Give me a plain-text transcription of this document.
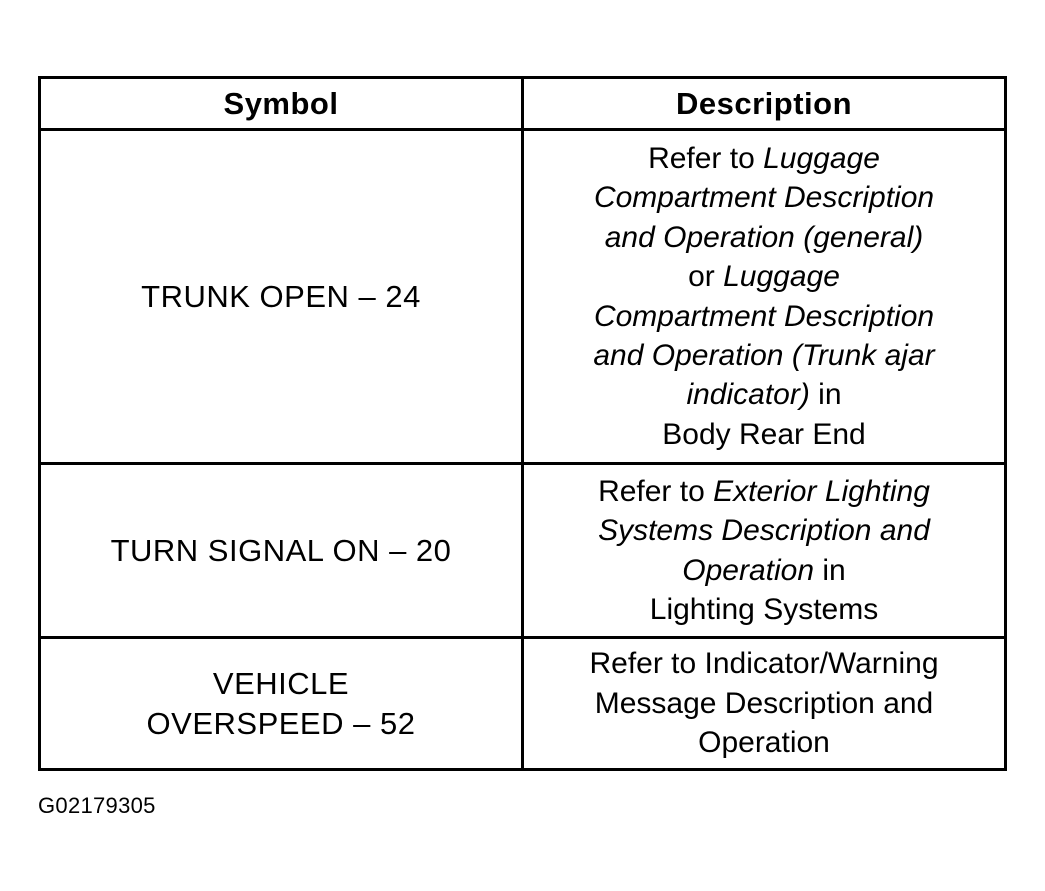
Symbol	Description
TRUNK OPEN – 24
Refer to Luggage
Compartment Description
and Operation (general)
or Luggage
Compartment Description
and Operation (Trunk ajar
indicator) in
Body Rear End
TURN SIGNAL ON – 20
Refer to Exterior Lighting
Systems Description and
Operation in
Lighting Systems
VEHICLE
OVERSPEED – 52
Refer to Indicator/Warning
Message Description and
Operation
G02179305
